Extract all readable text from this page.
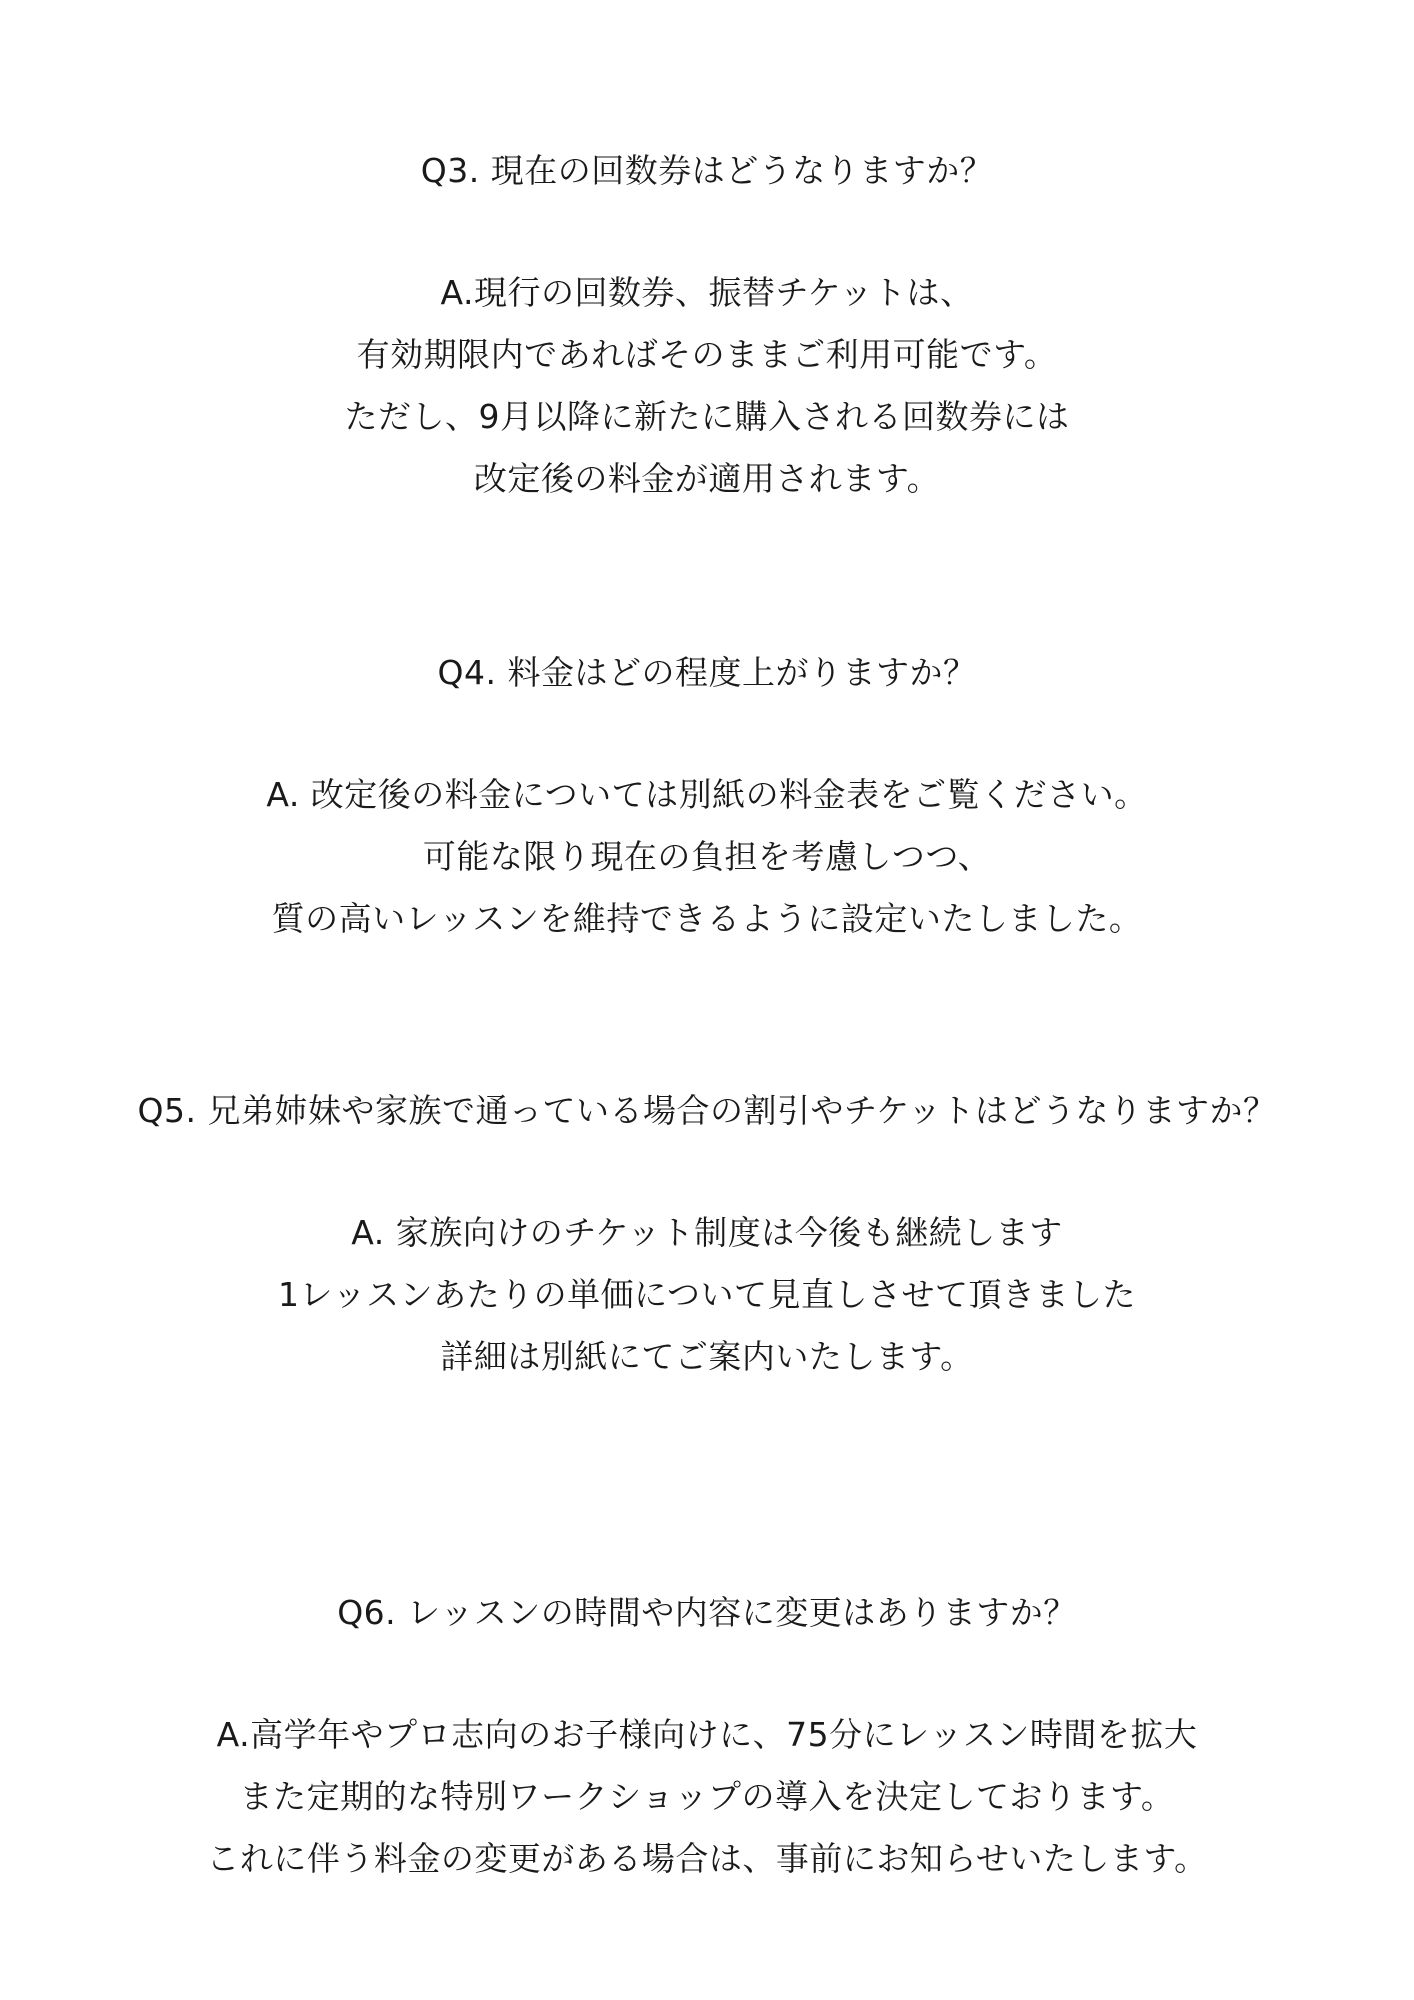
Q3. 現在の回数券はどうなりますか？
A.現行の回数券、振替チケットは、
有効期限内であればそのままご利用可能です。
ただし、9月以降に新たに購入される回数券には
改定後の料金が適用されます。
Q4. 料金はどの程度上がりますか？
A. 改定後の料金については別紙の料金表をご覧ください。
可能な限り現在の負担を考慮しつつ、
質の高いレッスンを維持できるように設定いたしました。
Q5. 兄弟姉妹や家族で通っている場合の割引やチケットはどうなりますか？
A. 家族向けのチケット制度は今後も継続します
1レッスンあたりの単価について見直しさせて頂きました
詳細は別紙にてご案内いたします。
Q6. レッスンの時間や内容に変更はありますか？
A.高学年やプロ志向のお子様向けに、75分にレッスン時間を拡大
また定期的な特別ワークショップの導入を決定しております。
これに伴う料金の変更がある場合は、事前にお知らせいたします。
